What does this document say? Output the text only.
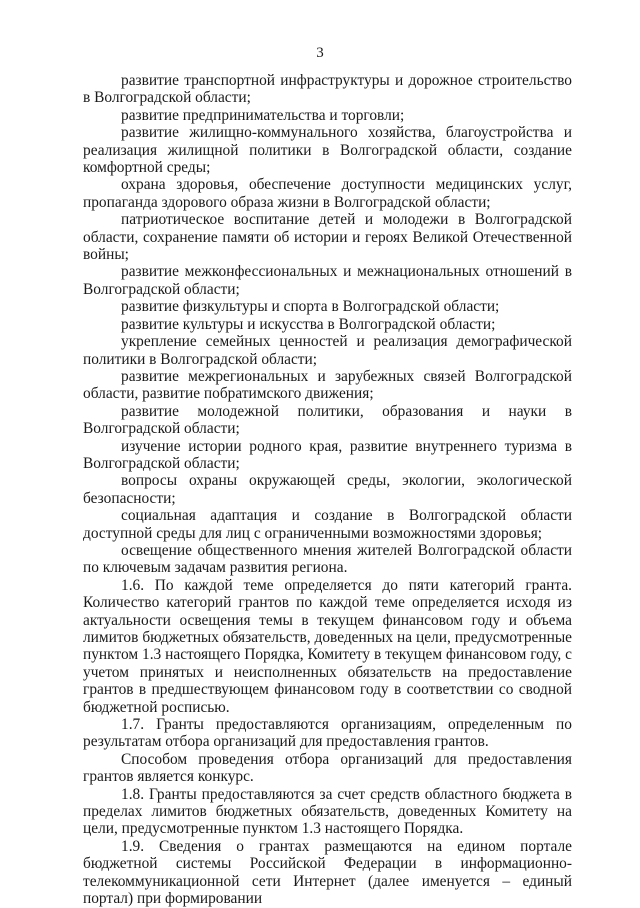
3

развитие транспортной инфраструктуры и дорожное строительство в Волгоградской области;

развитие предпринимательства и торговли;

развитие жилищно-коммунального хозяйства, благоустройства и реализация жилищной политики в Волгоградской области, создание комфортной среды;

охрана здоровья, обеспечение доступности медицинских услуг, пропаганда здорового образа жизни в Волгоградской области;

патриотическое воспитание детей и молодежи в Волгоградской области, сохранение памяти об истории и героях Великой Отечественной войны;

развитие межконфессиональных и межнациональных отношений в Волгоградской области;

развитие физкультуры и спорта в Волгоградской области;

развитие культуры и искусства в Волгоградской области;

укрепление семейных ценностей и реализация демографической политики в Волгоградской области;

развитие межрегиональных и зарубежных связей Волгоградской области, развитие побратимского движения;

развитие молодежной политики, образования и науки в Волгоградской области;

изучение истории родного края, развитие внутреннего туризма в Волгоградской области;

вопросы охраны окружающей среды, экологии, экологической безопасности;

социальная адаптация и создание в Волгоградской области доступной среды для лиц с ограниченными возможностями здоровья;

освещение общественного мнения жителей Волгоградской области по ключевым задачам развития региона.

1.6. По каждой теме определяется до пяти категорий гранта. Количество категорий грантов по каждой теме определяется исходя из актуальности освещения темы в текущем финансовом году и объема лимитов бюджетных обязательств, доведенных на цели, предусмотренные пунктом 1.3 настоящего Порядка, Комитету в текущем финансовом году, с учетом принятых и неисполненных обязательств на предоставление грантов в предшествующем финансовом году в соответствии со сводной бюджетной росписью.

1.7. Гранты предоставляются организациям, определенным по результатам отбора организаций для предоставления грантов.

Способом проведения отбора организаций для предоставления грантов является конкурс.

1.8. Гранты предоставляются за счет средств областного бюджета в пределах лимитов бюджетных обязательств, доведенных Комитету на цели, предусмотренные пунктом 1.3 настоящего Порядка.

1.9. Сведения о грантах размещаются на едином портале бюджетной системы Российской Федерации в информационно-телекоммуникационной сети Интернет (далее именуется – единый портал) при формировании
